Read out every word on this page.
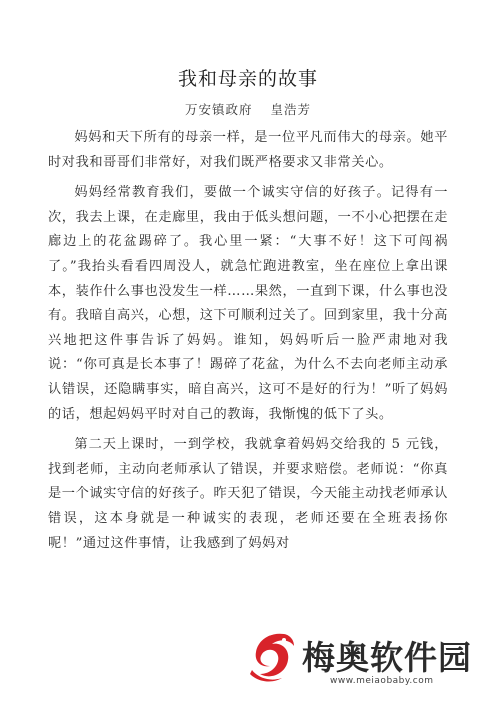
我和母亲的故事
万安镇政府 皇浩芳

妈妈和天下所有的母亲一样，是一位平凡而伟大的母亲。她平时对我和哥哥们非常好，对我们既严格要求又非常关心。

妈妈经常教育我们，要做一个诚实守信的好孩子。记得有一次，我去上课，在走廊里，我由于低头想问题，一不小心把摆在走廊边上的花盆踢碎了。我心里一紧：“大事不好！这下可闯祸了。”我抬头看看四周没人，就急忙跑进教室，坐在座位上拿出课本，装作什么事也没发生一样……果然，一直到下课，什么事也没有。我暗自高兴，心想，这下可顺利过关了。回到家里，我十分高兴地把这件事告诉了妈妈。谁知，妈妈听后一脸严肃地对我说：“你可真是长本事了！踢碎了花盆，为什么不去向老师主动承认错误，还隐瞒事实，暗自高兴，这可不是好的行为！”听了妈妈的话，想起妈妈平时对自己的教诲，我惭愧的低下了头。

第二天上课时，一到学校，我就拿着妈妈交给我的 5 元钱，找到老师，主动向老师承认了错误，并要求赔偿。老师说：“你真是一个诚实守信的好孩子。昨天犯了错误，今天能主动找老师承认错误，这本身就是一种诚实的表现，老师还要在全班表扬你呢！”通过这件事情，让我感到了妈妈对

梅奥软件园
www.meiaobaby.com
